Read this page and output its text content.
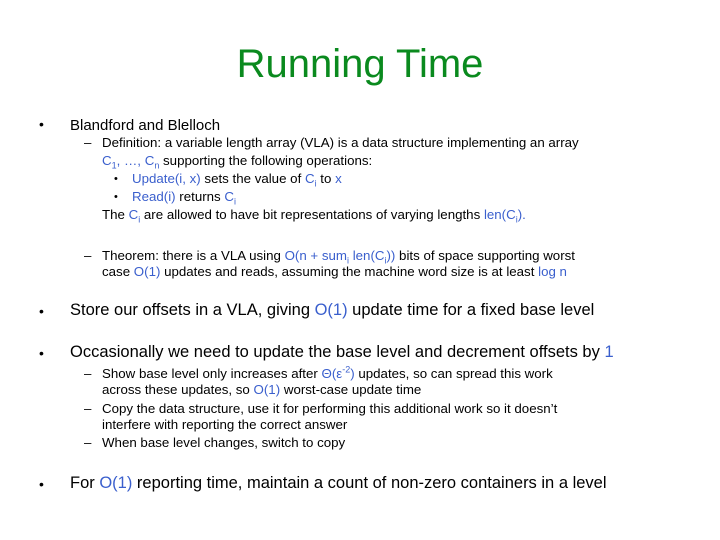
Running Time
• Blandford and Blelloch
– Definition: a variable length array (VLA) is a data structure implementing an array
$C_1$, …, $C_n$ supporting the following operations:
• Update(i, x) sets the value of $C_i$ to x
• Read(i) returns $C_i$
The $C_i$ are allowed to have bit representations of varying lengths $len(C_i)$.
– Theorem: there is a VLA using O(n + sum$_i$ $len(C_i)$) bits of space supporting worst
case O(1) updates and reads, assuming the machine word size is at least log n
• Store our offsets in a VLA, giving O(1) update time for a fixed base level
• Occasionally we need to update the base level and decrement offsets by 1
– Show base level only increases after $\Theta(\varepsilon^{-2})$ updates, so can spread this work
across these updates, so O(1) worst-case update time
– Copy the data structure, use it for performing this additional work so it doesn’t
interfere with reporting the correct answer
– When base level changes, switch to copy
• For O(1) reporting time, maintain a count of non-zero containers in a level
